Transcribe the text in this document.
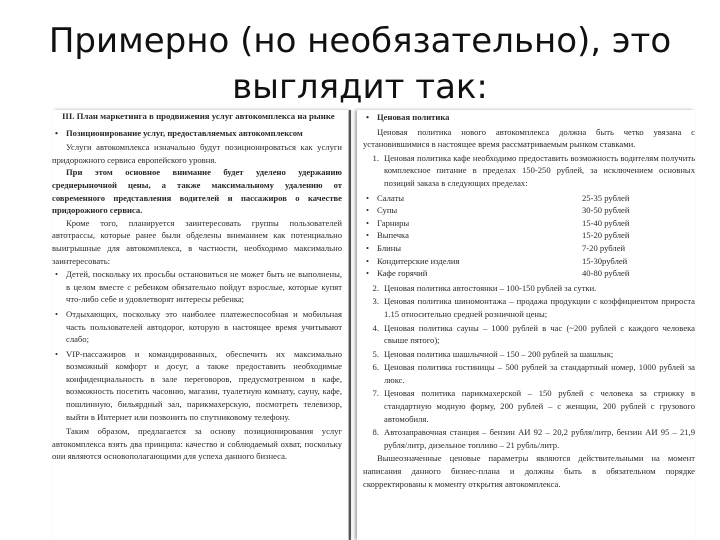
Примерно (но необязательно), это
выглядит так:
III. План маркетинга в продвижения услуг автокомплекса на рынке
• Позиционирование услуг, предоставляемых автокомплексом

Услуги автокомплекса изначально будут позиционироваться как услуги придорожного сервиса европейского уровня.

При этом основное внимание будет уделено удержанию среднерыночной цены, а также максимальному удалению от современного представления водителей и пассажиров о качестве придорожного сервиса.

Кроме того, планируется заинтересовать группы пользователей автотрассы, которые ранее были обделены вниманием как потенциально выигрышные для автокомплекса, в частности, необходимо максимально заинтересовать:

• Детей, поскольку их просьбы остановиться не может быть не выполнены, в целом вместе с ребенком обязательно пойдут взрослые, которые купят что-либо себе и удовлетворят интересы ребенка;
• Отдыхающих, поскольку это наиболее платежеспособная и мобильная часть пользователей автодорог, которую в настоящее время учитывают слабо;
• VIP-пассажиров и командированных, обеспечить их максимально возможный комфорт и досуг, а также предоставить необходимые конфиденциальность в зале переговоров, предусмотренном в кафе, возможность посетить часовню, магазин, туалетную комнату, сауну, кафе, пошлинную, бильярдный зал, парикмахерскую, посмотреть телевизор, выйти в Интернет или позвонить по спутниковому телефону.

Таким образом, предлагается за основу позиционирования услуг автокомплекса взять два принципа: качество и соблюдаемый охват, поскольку они являются основополагающими для успеха данного бизнеса.

• Ценовая политика

Ценовая политика нового автокомплекса должна быть четко увязана с установившимися в настоящее время рассматриваемым рынком ставками.

1. Ценовая политика кафе необходимо предоставить возможность водителям получить комплексное питание в пределах 150-250 рублей, за исключением основных позиций заказа в следующих пределах:
• Салаты	25-35 рублей
• Супы	30-50 рублей
• Гарниры	15-40 рублей
• Выпечка	15-20 рублей
• Блины	7-20 рублей
• Кондитерские изделия	15-30рублей
• Кафе горячий	40-80 рублей
2. Ценовая политика автостоянки – 100-150 рублей за сутки.
3. Ценовая политика шиномонтажа – продажа продукции с коэффициентом прироста 1.15 относительно средней розничной цены;
4. Ценовая политика сауны – 1000 рублей в час (~200 рублей с каждого человека свыше пятого);
5. Ценовая политика шашлычной – 150 – 200 рублей за шашлык;
6. Ценовая политика гостиницы – 500 рублей за стандартный номер, 1000 рублей за люкс.
7. Ценовая политика парикмахерской – 150 рублей с человека за стрижку в стандартную модную форму, 200 рублей – с женщин, 200 рублей с грузового автомобиля.
8. Автозаправочная станция – бензин АИ 92 – 20,2 рубля/литр, бензин АИ 95 – 21,9 рубля/литр, дизельное топливо – 21 рубль/литр.

Вышеозначенные ценовые параметры являются действительными на момент написания данного бизнес-плана и должны быть в обязательном порядке скорректированы к моменту открытия автокомплекса.
